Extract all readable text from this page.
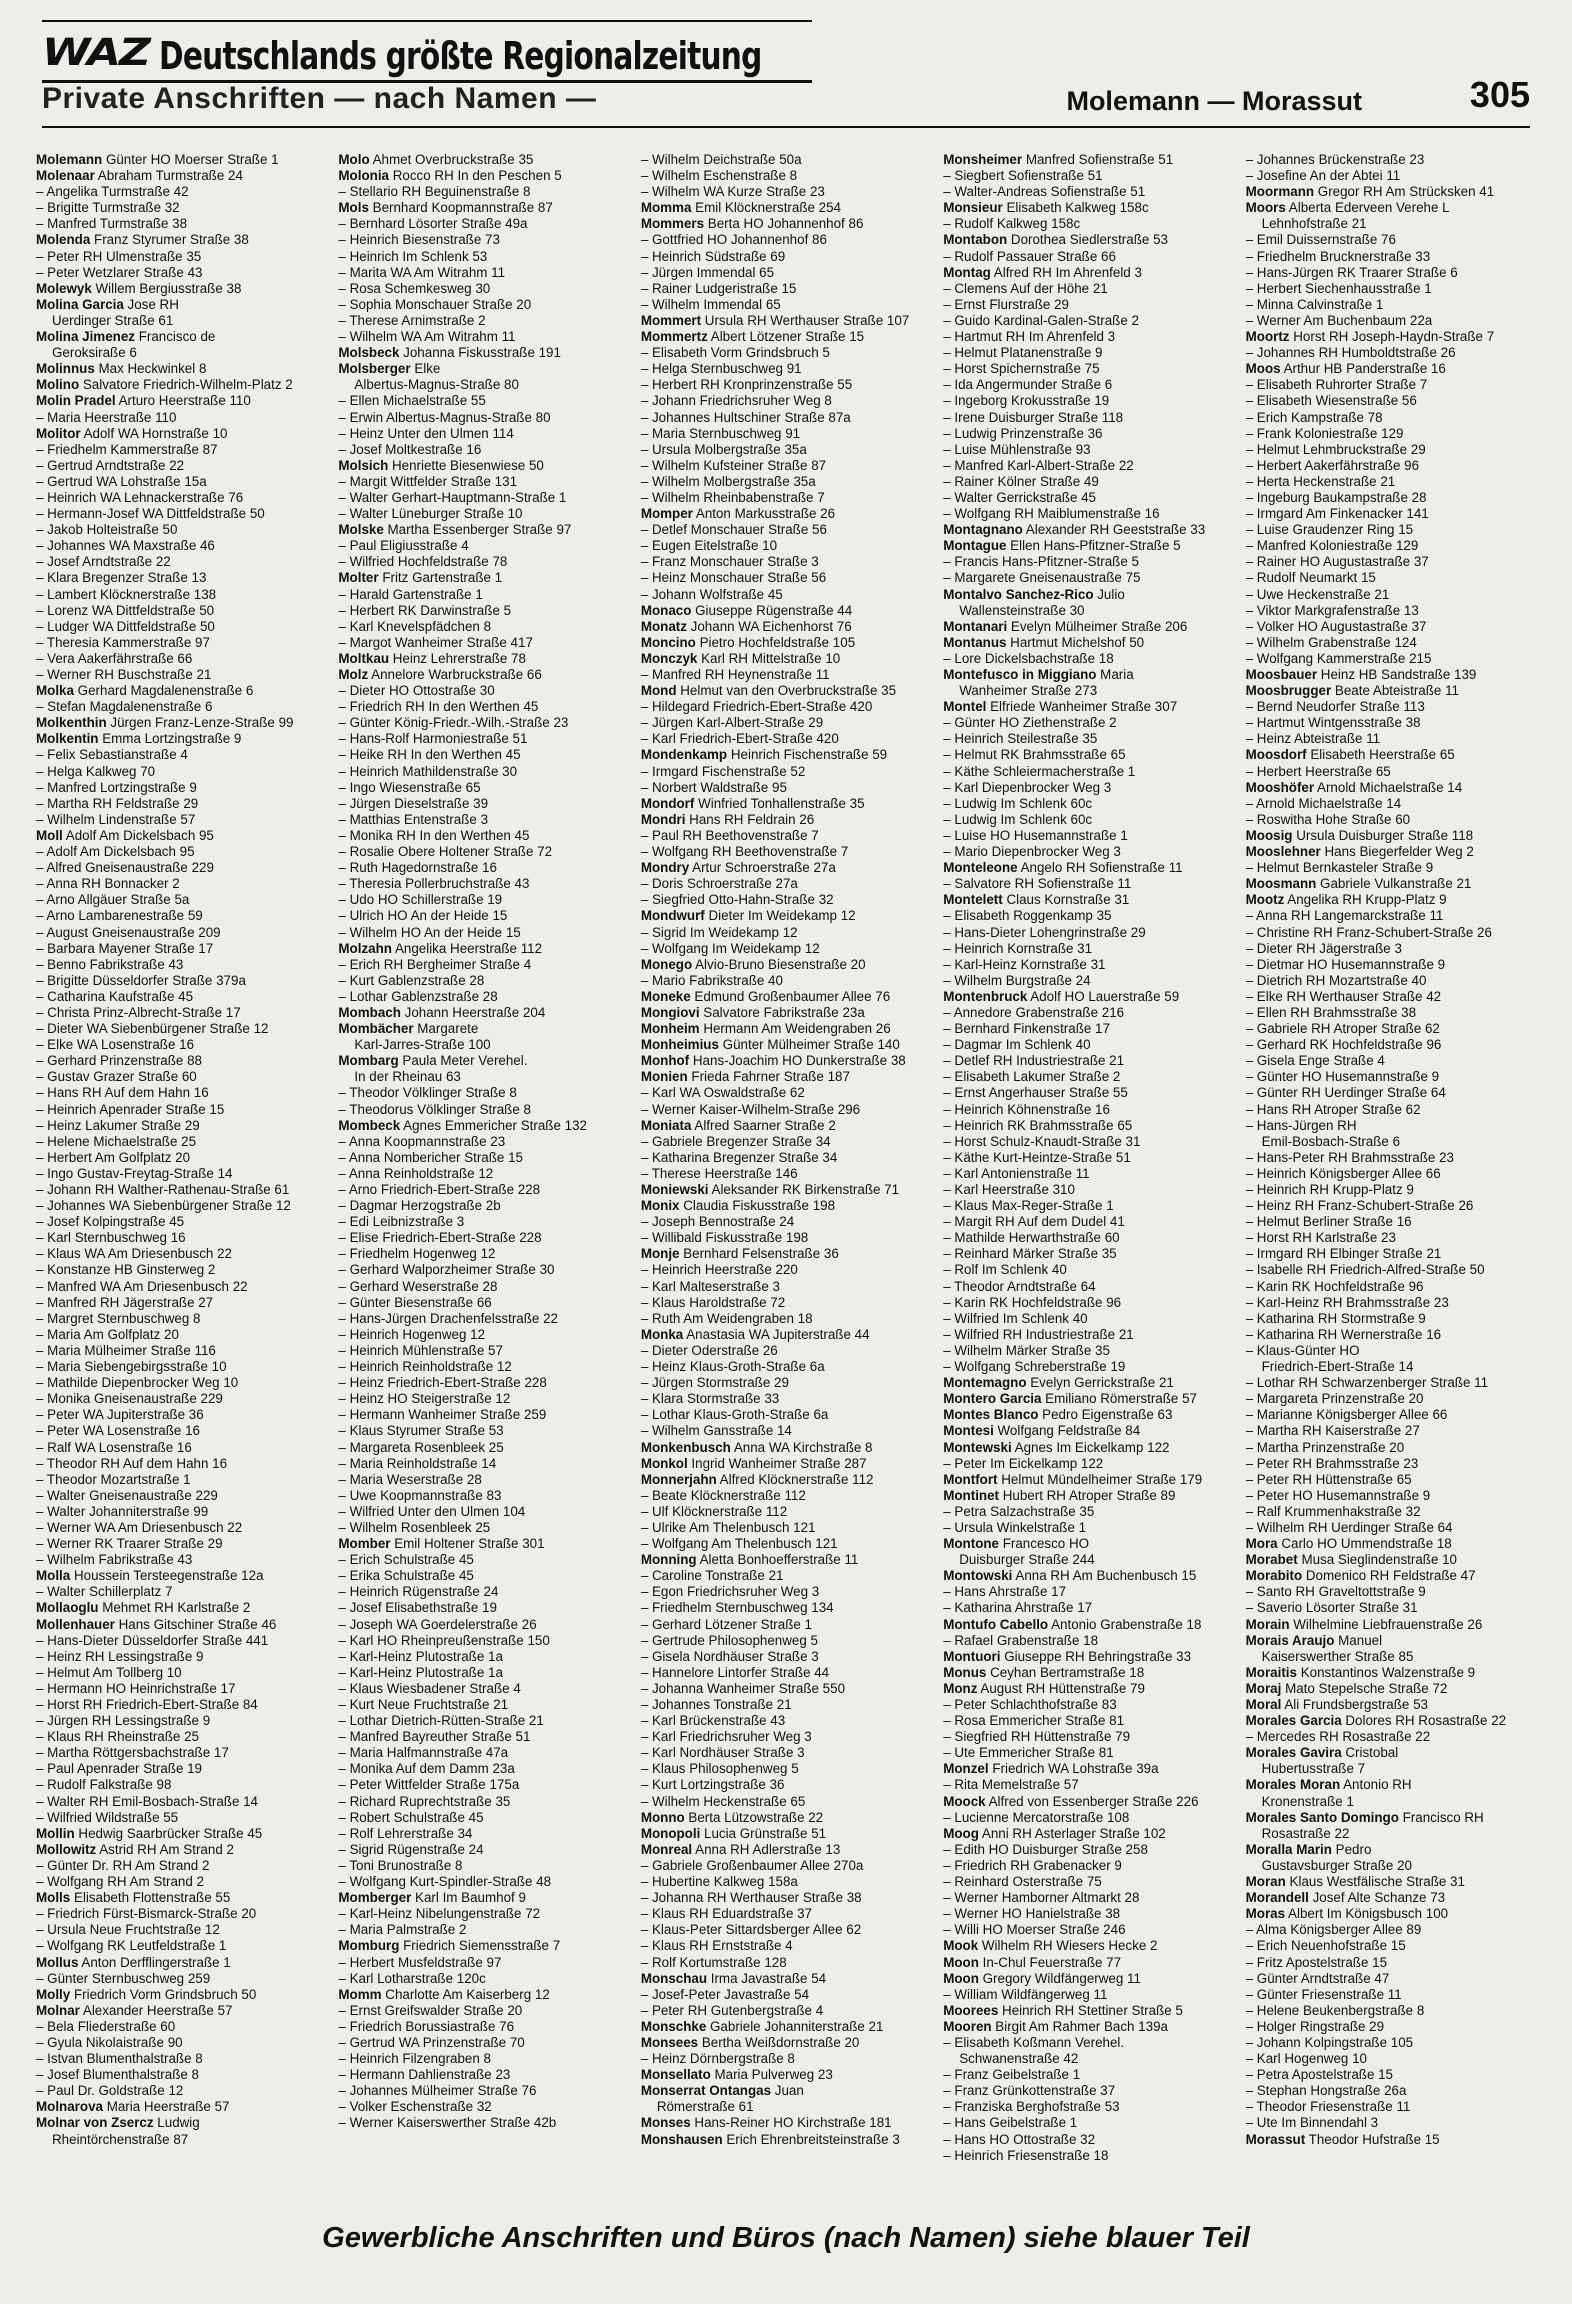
WAZ Deutschlands größte Regionalzeitung
Private Anschriften — nach Namen —	Molemann — Morassut	305
Molemann Günter HO Moerser Straße 1
Molenaar Abraham Turmstraße 24
– Angelika Turmstraße 42
– Brigitte Turmstraße 32
– Manfred Turmstraße 38
Molenda Franz Styrumer Straße 38
– Peter RH Ulmenstraße 35
– Peter Wetzlarer Straße 43
Molewyk Willem Bergiusstraße 38
Molina Garcia Jose RH
Uerdinger Straße 61
Molina Jimenez Francisco de
Geroksiraße 6
Molinnus Max Heckwinkel 8
Molino Salvatore Friedrich-Wilhelm-Platz 2
Molin Pradel Arturo Heerstraße 110
– Maria Heerstraße 110
Molitor Adolf WA Hornstraße 10
– Friedhelm Kammerstraße 87
– Gertrud Arndtstraße 22
– Gertrud WA Lohstraße 15a
– Heinrich WA Lehnackerstraße 76
– Hermann-Josef WA Dittfeldstraße 50
– Jakob Holteistraße 50
– Johannes WA Maxstraße 46
– Josef Arndtstraße 22
– Klara Bregenzer Straße 13
– Lambert Klöcknerstraße 138
– Lorenz WA Dittfeldstraße 50
– Ludger WA Dittfeldstraße 50
– Theresia Kammerstraße 97
– Vera Aakerfährstraße 66
– Werner RH Buschstraße 21
Molka Gerhard Magdalenenstraße 6
– Stefan Magdalenenstraße 6
Molkenthin Jürgen Franz-Lenze-Straße 99
Molkentin Emma Lortzingstraße 9
– Felix Sebastianstraße 4
– Helga Kalkweg 70
– Manfred Lortzingstraße 9
– Martha RH Feldstraße 29
– Wilhelm Lindenstraße 57
Moll Adolf Am Dickelsbach 95
– Adolf Am Dickelsbach 95
– Alfred Gneisenaustraße 229
– Anna RH Bonnacker 2
– Arno Allgäuer Straße 5a
– Arno Lambarenestraße 59
– August Gneisenaustraße 209
– Barbara Mayener Straße 17
– Benno Fabrikstraße 43
– Brigitte Düsseldorfer Straße 379a
– Catharina Kaufstraße 45
– Christa Prinz-Albrecht-Straße 17
– Dieter WA Siebenbürgener Straße 12
– Elke WA Losenstraße 16
– Gerhard Prinzenstraße 88
– Gustav Grazer Straße 60
– Hans RH Auf dem Hahn 16
– Heinrich Apenrader Straße 15
– Heinz Lakumer Straße 29
– Helene Michaelstraße 25
– Herbert Am Golfplatz 20
– Ingo Gustav-Freytag-Straße 14
– Johann RH Walther-Rathenau-Straße 61
– Johannes WA Siebenbürgener Straße 12
– Josef Kolpingstraße 45
– Karl Sternbuschweg 16
– Klaus WA Am Driesenbusch 22
– Konstanze HB Ginsterweg 2
– Manfred WA Am Driesenbusch 22
– Manfred RH Jägerstraße 27
– Margret Sternbuschweg 8
– Maria Am Golfplatz 20
– Maria Mülheimer Straße 116
– Maria Siebengebirgsstraße 10
– Mathilde Diepenbrocker Weg 10
– Monika Gneisenaustraße 229
– Peter WA Jupiterstraße 36
– Peter WA Losenstraße 16
– Ralf WA Losenstraße 16
– Theodor RH Auf dem Hahn 16
– Theodor Mozartstraße 1
– Walter Gneisenaustraße 229
– Walter Johanniterstraße 99
– Werner WA Am Driesenbusch 22
– Werner RK Traarer Straße 29
– Wilhelm Fabrikstraße 43
Molla Houssein Tersteegenstraße 12a
– Walter Schillerplatz 7
Mollaoglu Mehmet RH Karlstraße 2
Mollenhauer Hans Gitschiner Straße 46
– Hans-Dieter Düsseldorfer Straße 441
– Heinz RH Lessingstraße 9
– Helmut Am Tollberg 10
– Hermann HO Heinrichstraße 17
– Horst RH Friedrich-Ebert-Straße 84
– Jürgen RH Lessingstraße 9
– Klaus RH Rheinstraße 25
– Martha Röttgersbachstraße 17
– Paul Apenrader Straße 19
– Rudolf Falkstraße 98
– Walter RH Emil-Bosbach-Straße 14
– Wilfried Wildstraße 55
Mollin Hedwig Saarbrücker Straße 45
Mollowitz Astrid RH Am Strand 2
– Günter Dr. RH Am Strand 2
– Wolfgang RH Am Strand 2
Molls Elisabeth Flottenstraße 55
– Friedrich Fürst-Bismarck-Straße 20
– Ursula Neue Fruchtstraße 12
– Wolfgang RK Leutfeldstraße 1
Mollus Anton Derfflingerstraße 1
– Günter Sternbuschweg 259
Molly Friedrich Vorm Grindsbruch 50
Molnar Alexander Heerstraße 57
– Bela Fliederstraße 60
– Gyula Nikolaistraße 90
– Istvan Blumenthalstraße 8
– Josef Blumenthalstraße 8
– Paul Dr. Goldstraße 12
Molnarova Maria Heerstraße 57
Molnar von Zsercz Ludwig
Rheintörchenstraße 87
Molo Ahmet Overbruckstraße 35
Molonia Rocco RH In den Peschen 5
– Stellario RH Beguinenstraße 8
Mols Bernhard Koopmannstraße 87
– Bernhard Lösorter Straße 49a
– Heinrich Biesenstraße 73
– Heinrich Im Schlenk 53
– Marita WA Am Witrahm 11
– Rosa Schemkesweg 30
– Sophia Monschauer Straße 20
– Therese Arnimstraße 2
– Wilhelm WA Am Witrahm 11
Molsbeck Johanna Fiskusstraße 191
Molsberger Elke
Albertus-Magnus-Straße 80
– Ellen Michaelstraße 55
– Erwin Albertus-Magnus-Straße 80
– Heinz Unter den Ulmen 114
– Josef Moltkestraße 16
Molsich Henriette Biesenwiese 50
– Margit Wittfelder Straße 131
– Walter Gerhart-Hauptmann-Straße 1
– Walter Lüneburger Straße 10
Molske Martha Essenberger Straße 97
– Paul Eligiusstraße 4
– Wilfried Hochfeldstraße 78
Molter Fritz Gartenstraße 1
– Harald Gartenstraße 1
– Herbert RK Darwinstraße 5
– Karl Knevelspfädchen 8
– Margot Wanheimer Straße 417
Moltkau Heinz Lehrerstraße 78
Molz Annelore Warbruckstraße 66
– Dieter HO Ottostraße 30
– Friedrich RH In den Werthen 45
– Günter König-Friedr.-Wilh.-Straße 23
– Hans-Rolf Harmoniestraße 51
– Heike RH In den Werthen 45
– Heinrich Mathildenstraße 30
– Ingo Wiesenstraße 65
– Jürgen Dieselstraße 39
– Matthias Entenstraße 3
– Monika RH In den Werthen 45
– Rosalie Obere Holtener Straße 72
– Ruth Hagedornstraße 16
– Theresia Pollerbruchstraße 43
– Udo HO Schillerstraße 19
– Ulrich HO An der Heide 15
– Wilhelm HO An der Heide 15
Molzahn Angelika Heerstraße 112
– Erich RH Bergheimer Straße 4
– Kurt Gablenzstraße 28
– Lothar Gablenzstraße 28
Mombach Johann Heerstraße 204
Mombächer Margarete
Karl-Jarres-Straße 100
Mombarg Paula Meter Verehel.
In der Rheinau 63
– Theodor Völklinger Straße 8
– Theodorus Völklinger Straße 8
Mombeck Agnes Emmericher Straße 132
– Anna Koopmannstraße 23
– Anna Nombericher Straße 15
– Anna Reinholdstraße 12
– Arno Friedrich-Ebert-Straße 228
– Dagmar Herzogstraße 2b
– Edi Leibnizstraße 3
– Elise Friedrich-Ebert-Straße 228
– Friedhelm Hogenweg 12
– Gerhard Walporzheimer Straße 30
– Gerhard Weserstraße 28
– Günter Biesenstraße 66
– Hans-Jürgen Drachenfelsstraße 22
– Heinrich Hogenweg 12
– Heinrich Mühlenstraße 57
– Heinrich Reinholdstraße 12
– Heinz Friedrich-Ebert-Straße 228
– Heinz HO Steigerstraße 12
– Hermann Wanheimer Straße 259
– Klaus Styrumer Straße 53
– Margareta Rosenbleek 25
– Maria Reinholdstraße 14
– Maria Weserstraße 28
– Uwe Koopmannstraße 83
– Wilfried Unter den Ulmen 104
– Wilhelm Rosenbleek 25
Momber Emil Holtener Straße 301
– Erich Schulstraße 45
– Erika Schulstraße 45
– Heinrich Rügenstraße 24
– Josef Elisabethstraße 19
– Joseph WA Goerdelerstraße 26
– Karl HO Rheinpreußenstraße 150
– Karl-Heinz Plutostraße 1a
– Karl-Heinz Plutostraße 1a
– Klaus Wiesbadener Straße 4
– Kurt Neue Fruchtstraße 21
– Lothar Dietrich-Rütten-Straße 21
– Manfred Bayreuther Straße 51
– Maria Halfmannstraße 47a
– Monika Auf dem Damm 23a
– Peter Wittfelder Straße 175a
– Richard Ruprechtstraße 35
– Robert Schulstraße 45
– Rolf Lehrerstraße 34
– Sigrid Rügenstraße 24
– Toni Brunostraße 8
– Wolfgang Kurt-Spindler-Straße 48
Momberger Karl Im Baumhof 9
– Karl-Heinz Nibelungenstraße 72
– Maria Palmstraße 2
Momburg Friedrich Siemensstraße 7
– Herbert Musfeldstraße 97
– Karl Lotharstraße 120c
Momm Charlotte Am Kaiserberg 12
– Ernst Greifswalder Straße 20
– Friedrich Borussiastraße 76
– Gertrud WA Prinzenstraße 70
– Heinrich Filzengraben 8
– Hermann Dahlienstraße 23
– Johannes Mülheimer Straße 76
– Volker Eschenstraße 32
– Werner Kaiserswerther Straße 42b
– Wilhelm Deichstraße 50a
– Wilhelm Eschenstraße 8
– Wilhelm WA Kurze Straße 23
Momma Emil Klöcknerstraße 254
Mommers Berta HO Johannenhof 86
– Gottfried HO Johannenhof 86
– Heinrich Südstraße 69
– Jürgen Immendal 65
– Rainer Ludgeristraße 15
– Wilhelm Immendal 65
Mommert Ursula RH Werthauser Straße 107
Mommertz Albert Lötzener Straße 15
– Elisabeth Vorm Grindsbruch 5
– Helga Sternbuschweg 91
– Herbert RH Kronprinzenstraße 55
– Johann Friedrichsruher Weg 8
– Johannes Hultschiner Straße 87a
– Maria Sternbuschweg 91
– Ursula Molbergstraße 35a
– Wilhelm Kufsteiner Straße 87
– Wilhelm Molbergstraße 35a
– Wilhelm Rheinbabenstraße 7
Momper Anton Markusstraße 26
– Detlef Monschauer Straße 56
– Eugen Eitelstraße 10
– Franz Monschauer Straße 3
– Heinz Monschauer Straße 56
– Johann Wolfstraße 45
Monaco Giuseppe Rügenstraße 44
Monatz Johann WA Eichenhorst 76
Moncino Pietro Hochfeldstraße 105
Monczyk Karl RH Mittelstraße 10
– Manfred RH Heynenstraße 11
Mond Helmut van den Overbruckstraße 35
– Hildegard Friedrich-Ebert-Straße 420
– Jürgen Karl-Albert-Straße 29
– Karl Friedrich-Ebert-Straße 420
Mondenkamp Heinrich Fischenstraße 59
– Irmgard Fischenstraße 52
– Norbert Waldstraße 95
Mondorf Winfried Tonhallenstraße 35
Mondri Hans RH Feldrain 26
– Paul RH Beethovenstraße 7
– Wolfgang RH Beethovenstraße 7
Mondry Artur Schroerstraße 27a
– Doris Schroerstraße 27a
– Siegfried Otto-Hahn-Straße 32
Mondwurf Dieter Im Weidekamp 12
– Sigrid Im Weidekamp 12
– Wolfgang Im Weidekamp 12
Monego Alvio-Bruno Biesenstraße 20
– Mario Fabrikstraße 40
Moneke Edmund Großenbaumer Allee 76
Mongiovi Salvatore Fabrikstraße 23a
Monheim Hermann Am Weidengraben 26
Monheimius Günter Mülheimer Straße 140
Monhof Hans-Joachim HO Dunkerstraße 38
Monien Frieda Fahrner Straße 187
– Karl WA Oswaldstraße 62
– Werner Kaiser-Wilhelm-Straße 296
Moniata Alfred Saarner Straße 2
– Gabriele Bregenzer Straße 34
– Katharina Bregenzer Straße 34
– Therese Heerstraße 146
Moniewski Aleksander RK Birkenstraße 71
Monix Claudia Fiskusstraße 198
– Joseph Bennostraße 24
– Willibald Fiskusstraße 198
Monje Bernhard Felsenstraße 36
– Heinrich Heerstraße 220
– Karl Malteserstraße 3
– Klaus Haroldstraße 72
– Ruth Am Weidengraben 18
Monka Anastasia WA Jupiterstraße 44
– Dieter Oderstraße 26
– Heinz Klaus-Groth-Straße 6a
– Jürgen Stormstraße 29
– Klara Stormstraße 33
– Lothar Klaus-Groth-Straße 6a
– Wilhelm Gansstraße 14
Monkenbusch Anna WA Kirchstraße 8
Monkol Ingrid Wanheimer Straße 287
Monnerjahn Alfred Klöcknerstraße 112
– Beate Klöcknerstraße 112
– Ulf Klöcknerstraße 112
– Ulrike Am Thelenbusch 121
– Wolfgang Am Thelenbusch 121
Monning Aletta Bonhoefferstraße 11
– Caroline Tonstraße 21
– Egon Friedrichsruher Weg 3
– Friedhelm Sternbuschweg 134
– Gerhard Lötzener Straße 1
– Gertrude Philosophenweg 5
– Gisela Nordhäuser Straße 3
– Hannelore Lintorfer Straße 44
– Johanna Wanheimer Straße 550
– Johannes Tonstraße 21
– Karl Brückenstraße 43
– Karl Friedrichsruher Weg 3
– Karl Nordhäuser Straße 3
– Klaus Philosophenweg 5
– Kurt Lortzingstraße 36
– Wilhelm Heckenstraße 65
Monno Berta Lützowstraße 22
Monopoli Lucia Grünstraße 51
Monreal Anna RH Adlerstraße 13
– Gabriele Großenbaumer Allee 270a
– Hubertine Kalkweg 158a
– Johanna RH Werthauser Straße 38
– Klaus RH Eduardstraße 37
– Klaus-Peter Sittardsberger Allee 62
– Klaus RH Ernststraße 4
– Rolf Kortumstraße 128
Monschau Irma Javastraße 54
– Josef-Peter Javastraße 54
– Peter RH Gutenbergstraße 4
Monschke Gabriele Johanniterstraße 21
Monsees Bertha Weißdornstraße 20
– Heinz Dörnbergstraße 8
Monsellato Maria Pulverweg 23
Monserrat Ontangas Juan
Römerstraße 61
Monses Hans-Reiner HO Kirchstraße 181
Monshausen Erich Ehrenbreitsteinstraße 3
Monsheimer Manfred Sofienstraße 51
– Siegbert Sofienstraße 51
– Walter-Andreas Sofienstraße 51
Monsieur Elisabeth Kalkweg 158c
– Rudolf Kalkweg 158c
Montabon Dorothea Siedlerstraße 53
– Rudolf Passauer Straße 66
Montag Alfred RH Im Ahrenfeld 3
– Clemens Auf der Höhe 21
– Ernst Flurstraße 29
– Guido Kardinal-Galen-Straße 2
– Hartmut RH Im Ahrenfeld 3
– Helmut Platanenstraße 9
– Horst Spichernstraße 75
– Ida Angermunder Straße 6
– Ingeborg Krokusstraße 19
– Irene Duisburger Straße 118
– Ludwig Prinzenstraße 36
– Luise Mühlenstraße 93
– Manfred Karl-Albert-Straße 22
– Rainer Kölner Straße 49
– Walter Gerrickstraße 45
– Wolfgang RH Maiblumenstraße 16
Montagnano Alexander RH Geeststraße 33
Montague Ellen Hans-Pfitzner-Straße 5
– Francis Hans-Pfitzner-Straße 5
– Margarete Gneisenaustraße 75
Montalvo Sanchez-Rico Julio
Wallensteinstraße 30
Montanari Evelyn Mülheimer Straße 206
Montanus Hartmut Michelshof 50
– Lore Dickelsbachstraße 18
Montefusco in Miggiano Maria
Wanheimer Straße 273
Montel Elfriede Wanheimer Straße 307
– Günter HO Ziethenstraße 2
– Heinrich Steilestraße 35
– Helmut RK Brahmsstraße 65
– Käthe Schleiermacherstraße 1
– Karl Diepenbrocker Weg 3
– Ludwig Im Schlenk 60c
– Ludwig Im Schlenk 60c
– Luise HO Husemannstraße 1
– Mario Diepenbrocker Weg 3
Monteleone Angelo RH Sofienstraße 11
– Salvatore RH Sofienstraße 11
Montelett Claus Kornstraße 31
– Elisabeth Roggenkamp 35
– Hans-Dieter Lohengrinstraße 29
– Heinrich Kornstraße 31
– Karl-Heinz Kornstraße 31
– Wilhelm Burgstraße 24
Montenbruck Adolf HO Lauerstraße 59
– Annedore Grabenstraße 216
– Bernhard Finkenstraße 17
– Dagmar Im Schlenk 40
– Detlef RH Industriestraße 21
– Elisabeth Lakumer Straße 2
– Ernst Angerhauser Straße 55
– Heinrich Köhnenstraße 16
– Heinrich RK Brahmsstraße 65
– Horst Schulz-Knaudt-Straße 31
– Käthe Kurt-Heintze-Straße 51
– Karl Antonienstraße 11
– Karl Heerstraße 310
– Klaus Max-Reger-Straße 1
– Margit RH Auf dem Dudel 41
– Mathilde Herwarthstraße 60
– Reinhard Märker Straße 35
– Rolf Im Schlenk 40
– Theodor Arndtstraße 64
– Karin RK Hochfeldstraße 96
– Wilfried Im Schlenk 40
– Wilfried RH Industriestraße 21
– Wilhelm Märker Straße 35
– Wolfgang Schreberstraße 19
Montemagno Evelyn Gerrickstraße 21
Montero Garcia Emiliano Römerstraße 57
Montes Blanco Pedro Eigenstraße 63
Montesi Wolfgang Feldstraße 84
Montewski Agnes Im Eickelkamp 122
– Peter Im Eickelkamp 122
Montfort Helmut Mündelheimer Straße 179
Montinet Hubert RH Atroper Straße 89
– Petra Salzachstraße 35
– Ursula Winkelstraße 1
Montone Francesco HO
Duisburger Straße 244
Montowski Anna RH Am Buchenbusch 15
– Hans Ahrstraße 17
– Katharina Ahrstraße 17
Montufo Cabello Antonio Grabenstraße 18
– Rafael Grabenstraße 18
Montuori Giuseppe RH Behringstraße 33
Monus Ceyhan Bertramstraße 18
Monz August RH Hüttenstraße 79
– Peter Schlachthofstraße 83
– Rosa Emmericher Straße 81
– Siegfried RH Hüttenstraße 79
– Ute Emmericher Straße 81
Monzel Friedrich WA Lohstraße 39a
– Rita Memelstraße 57
Moock Alfred von Essenberger Straße 226
– Lucienne Mercatorstraße 108
Moog Anni RH Asterlager Straße 102
– Edith HO Duisburger Straße 258
– Friedrich RH Grabenacker 9
– Reinhard Osterstraße 75
– Werner Hamborner Altmarkt 28
– Werner HO Hanielstraße 38
– Willi HO Moerser Straße 246
Mook Wilhelm RH Wiesers Hecke 2
Moon In-Chul Feuerstraße 77
Moon Gregory Wildfängerweg 11
– William Wildfängerweg 11
Moorees Heinrich RH Stettiner Straße 5
Mooren Birgit Am Rahmer Bach 139a
– Elisabeth Koßmann Verehel.
Schwanenstraße 42
– Franz Geibelstraße 1
– Franz Grünkottenstraße 37
– Franziska Berghofstraße 53
– Hans Geibelstraße 1
– Hans HO Ottostraße 32
– Heinrich Friesenstraße 18
– Johannes Brückenstraße 23
– Josefine An der Abtei 11
Moormann Gregor RH Am Strücksken 41
Moors Alberta Ederveen Verehe L
Lehnhofstraße 21
– Emil Duissernstraße 76
– Friedhelm Brucknerstraße 33
– Hans-Jürgen RK Traarer Straße 6
– Herbert Siechenhausstraße 1
– Minna Calvinstraße 1
– Werner Am Buchenbaum 22a
Moortz Horst RH Joseph-Haydn-Straße 7
– Johannes RH Humboldtstraße 26
Moos Arthur HB Panderstraße 16
– Elisabeth Ruhrorter Straße 7
– Elisabeth Wiesenstraße 56
– Erich Kampstraße 78
– Frank Koloniestraße 129
– Helmut Lehmbruckstraße 29
– Herbert Aakerfährstraße 96
– Herta Heckenstraße 21
– Ingeburg Baukampstraße 28
– Irmgard Am Finkenacker 141
– Luise Graudenzer Ring 15
– Manfred Koloniestraße 129
– Rainer HO Augustastraße 37
– Rudolf Neumarkt 15
– Uwe Heckenstraße 21
– Viktor Markgrafenstraße 13
– Volker HO Augustastraße 37
– Wilhelm Grabenstraße 124
– Wolfgang Kammerstraße 215
Moosbauer Heinz HB Sandstraße 139
Moosbrugger Beate Abteistraße 11
– Bernd Neudorfer Straße 113
– Hartmut Wintgensstraße 38
– Heinz Abteistraße 11
Moosdorf Elisabeth Heerstraße 65
– Herbert Heerstraße 65
Mooshöfer Arnold Michaelstraße 14
– Arnold Michaelstraße 14
– Roswitha Hohe Straße 60
Moosig Ursula Duisburger Straße 118
Mooslehner Hans Biegerfelder Weg 2
– Helmut Bernkasteler Straße 9
Moosmann Gabriele Vulkanstraße 21
Mootz Angelika RH Krupp-Platz 9
– Anna RH Langemarckstraße 11
– Christine RH Franz-Schubert-Straße 26
– Dieter RH Jägerstraße 3
– Dietmar HO Husemannstraße 9
– Dietrich RH Mozartstraße 40
– Elke RH Werthauser Straße 42
– Ellen RH Brahmsstraße 38
– Gabriele RH Atroper Straße 62
– Gerhard RK Hochfeldstraße 96
– Gisela Enge Straße 4
– Günter HO Husemannstraße 9
– Günter RH Uerdinger Straße 64
– Hans RH Atroper Straße 62
– Hans-Jürgen RH
Emil-Bosbach-Straße 6
– Hans-Peter RH Brahmsstraße 23
– Heinrich Königsberger Allee 66
– Heinrich RH Krupp-Platz 9
– Heinz RH Franz-Schubert-Straße 26
– Helmut Berliner Straße 16
– Horst RH Karlstraße 23
– Irmgard RH Elbinger Straße 21
– Isabelle RH Friedrich-Alfred-Straße 50
– Karin RK Hochfeldstraße 96
– Karl-Heinz RH Brahmsstraße 23
– Katharina RH Stormstraße 9
– Katharina RH Wernerstraße 16
– Klaus-Günter HO
Friedrich-Ebert-Straße 14
– Lothar RH Schwarzenberger Straße 11
– Margareta Prinzenstraße 20
– Marianne Königsberger Allee 66
– Martha RH Kaiserstraße 27
– Martha Prinzenstraße 20
– Peter RH Brahmsstraße 23
– Peter RH Hüttenstraße 65
– Peter HO Husemannstraße 9
– Ralf Krummenhakstraße 32
– Wilhelm RH Uerdinger Straße 64
Mora Carlo HO Ummendstraße 18
Morabet Musa Sieglindenstraße 10
Morabito Domenico RH Feldstraße 47
– Santo RH Graveltottstraße 9
– Saverio Lösorter Straße 31
Morain Wilhelmine Liebfrauenstraße 26
Morais Araujo Manuel
Kaiserswerther Straße 85
Moraitis Konstantinos Walzenstraße 9
Moraj Mato Stepelsche Straße 72
Moral Ali Frundsbergstraße 53
Morales Garcia Dolores RH Rosastraße 22
– Mercedes RH Rosastraße 22
Morales Gavira Cristobal
Hubertusstraße 7
Morales Moran Antonio RH
Kronenstraße 1
Morales Santo Domingo Francisco RH
Rosastraße 22
Moralla Marin Pedro
Gustavsburger Straße 20
Moran Klaus Westfälische Straße 31
Morandell Josef Alte Schanze 73
Moras Albert Im Königsbusch 100
– Alma Königsberger Allee 89
– Erich Neuenhofstraße 15
– Fritz Apostelstraße 15
– Günter Arndtstraße 47
– Günter Friesenstraße 11
– Helene Beukenbergstraße 8
– Holger Ringstraße 29
– Johann Kolpingstraße 105
– Karl Hogenweg 10
– Petra Apostelstraße 15
– Stephan Hongstraße 26a
– Theodor Friesenstraße 11
– Ute Im Binnendahl 3
Morassut Theodor Hufstraße 15
Gewerbliche Anschriften und Büros (nach Namen) siehe blauer Teil
